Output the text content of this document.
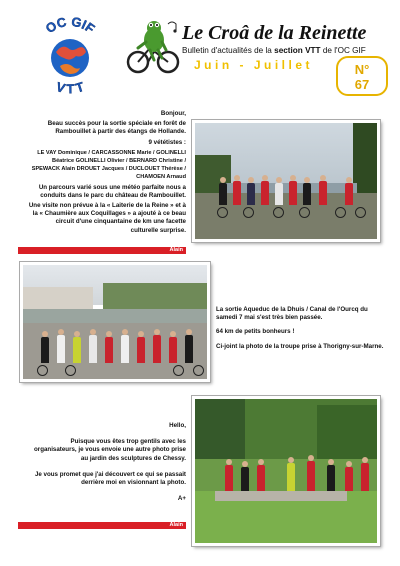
OC GIF
VTT
Le Croâ de la Reinette
Bulletin d'actualités de la section VTT de l'OC GIF
Juin - Juillet	N°
67

Bonjour,

Beau succès pour la sortie spéciale en forêt de Rambouillet à partir des étangs de Hollande.

9 vététistes :

LE VAY Dominique / CARCASSONNE Marie / GOLINELLI Béatrice GOLINELLI Olivier / BERNARD Christine / SPEWACK Alain DROUET Jacques / DUCLOUET Thérèse / CHAMOEN Arnaud

Un parcours varié sous une météo parfaite nous a conduits dans le parc du château de Rambouillet.

Une visite non prévue à la « Laiterie de la Reine » et à la « Chaumière aux Coquillages » a ajouté à ce beau circuit d'une cinquantaine de km une facette culturelle surprise.

Alain

La sortie Aqueduc de la Dhuis / Canal de l'Ourcq du samedi 7 mai s'est très bien passée.

64 km de petits bonheurs !

Ci-joint la photo de la troupe prise à Thorigny-sur-Marne.

Hello,

Puisque vous êtes trop gentils avec les organisateurs, je vous envoie une autre photo prise au jardin des sculptures de Chessy.

Je vous promet que j'ai découvert ce qui se passait derrière moi en visionnant la photo.

A+

Alain
